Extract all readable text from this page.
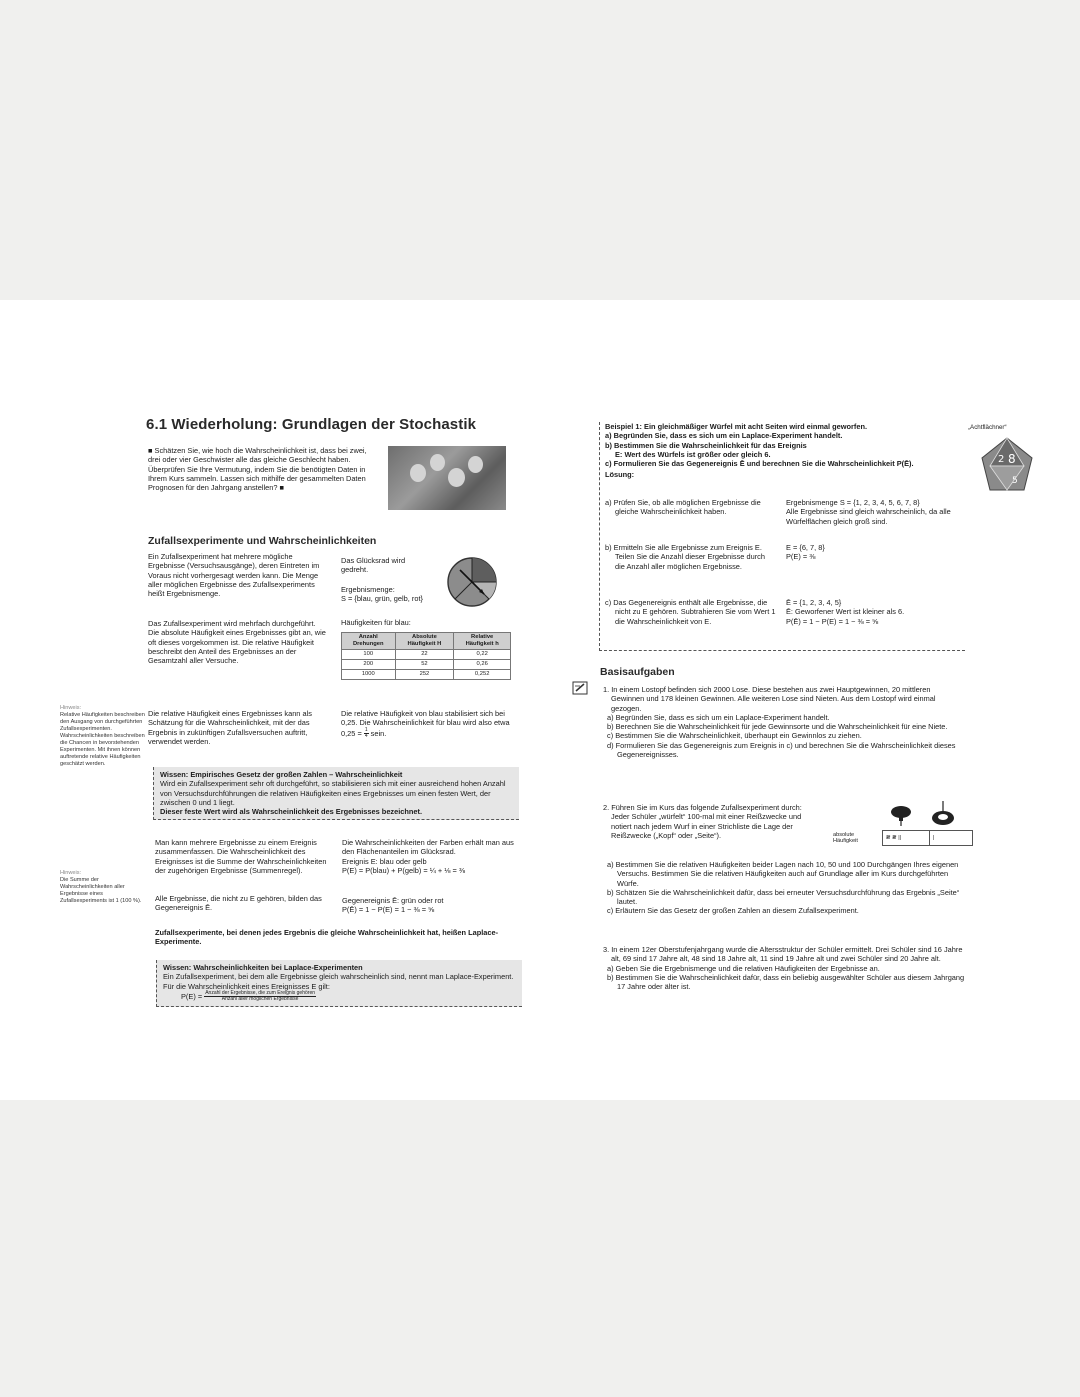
6.1 Wiederholung: Grundlagen der Stochastik
■ Schätzen Sie, wie hoch die Wahrscheinlichkeit ist, dass bei zwei, drei oder vier Geschwister alle das gleiche Geschlecht haben. Überprüfen Sie Ihre Vermutung, indem Sie die benötigten Daten in Ihrem Kurs sammeln. Lassen sich mithilfe der gesammelten Daten Prognosen für den Jahrgang anstellen? ■
Zufallsexperimente und Wahrscheinlichkeiten
Ein Zufallsexperiment hat mehrere mögliche Ergebnisse (Versuchsausgänge), deren Eintreten im Voraus nicht vorhergesagt werden kann. Die Menge aller möglichen Ergebnisse des Zufallsexperiments heißt Ergebnismenge.
Das Glücksrad wird gedreht.
Ergebnismenge:
S = {blau, grün, gelb, rot}
Das Zufallsexperiment wird mehrfach durchgeführt. Die absolute Häufigkeit eines Ergebnisses gibt an, wie oft dieses vorgekommen ist. Die relative Häufigkeit beschreibt den Anteil des Ergebnisses an der Gesamtzahl aller Versuche.
Häufigkeiten für blau:
Anzahl Drehungen	Absolute Häufigkeit H	Relative Häufigkeit h
100	22	0,22
200	52	0,26
1000	252	0,252
Hinweis:
Relative Häufigkeiten beschreiben den Ausgang von durchgeführten Zufallsexperimenten. Wahrscheinlichkeiten beschreiben die Chancen in bevorstehenden Experimenten. Mit ihnen können auftretende relative Häufigkeiten geschätzt werden.
Die relative Häufigkeit eines Ergebnisses kann als Schätzung für die Wahrscheinlichkeit, mit der das Ergebnis in zukünftigen Zufallsversuchen auftritt, verwendet werden.
Die relative Häufigkeit von blau stabilisiert sich bei 0,25. Die Wahrscheinlichkeit für blau wird also etwa $0,25 = \frac{1}{4}$ sein.
Wissen: Empirisches Gesetz der großen Zahlen – Wahrscheinlichkeit
Wird ein Zufallsexperiment sehr oft durchgeführt, so stabilisieren sich mit einer ausreichend hohen Anzahl von Versuchsdurchführungen die relativen Häufigkeiten eines Ergebnisses um einen festen Wert, der zwischen 0 und 1 liegt.
Dieser feste Wert wird als Wahrscheinlichkeit des Ergebnisses bezeichnet.
Man kann mehrere Ergebnisse zu einem Ereignis zusammenfassen. Die Wahrscheinlichkeit des Ereignisses ist die Summe der Wahrscheinlichkeiten der zugehörigen Ergebnisse (Summenregel).
Alle Ergebnisse, die nicht zu E gehören, bilden das Gegenereignis Ē.
Die Wahrscheinlichkeiten der Farben erhält man aus den Flächenanteilen im Glücksrad.
Ereignis E: blau oder gelb
P(E) = P(blau) + P(gelb) = ¼ + ⅛ = ⅜
Gegenereignis Ē: grün oder rot
P(Ē) = 1 − P(E) = 1 − ⅜ = ⅝
Hinweis:
Die Summe der Wahrscheinlichkeiten aller Ergebnisse eines Zufallsexperiments ist 1 (100 %).
Zufallsexperimente, bei denen jedes Ergebnis die gleiche Wahrscheinlichkeit hat, heißen Laplace-Experimente.
Wissen: Wahrscheinlichkeiten bei Laplace-Experimenten
Ein Zufallsexperiment, bei dem alle Ergebnisse gleich wahrscheinlich sind, nennt man Laplace-Experiment. Für die Wahrscheinlichkeit eines Ereignisses E gilt:
$P(E) = \frac{\text{Anzahl der Ergebnisse, die zum Ereignis gehören}}{\text{Anzahl aller möglichen Ergebnisse}}$
„Achtflächner“
2 8
5
Beispiel 1: Ein gleichmäßiger Würfel mit acht Seiten wird einmal geworfen.
a) Begründen Sie, dass es sich um ein Laplace-Experiment handelt.
b) Bestimmen Sie die Wahrscheinlichkeit für das Ereignis
E: Wert des Würfels ist größer oder gleich 6.
c) Formulieren Sie das Gegenereignis Ē und berechnen Sie die Wahrscheinlichkeit P(Ē).
Lösung:
a) Prüfen Sie, ob alle möglichen Ergebnisse die gleiche Wahrscheinlichkeit haben.
Ergebnismenge S = {1, 2, 3, 4, 5, 6, 7, 8}
Alle Ergebnisse sind gleich wahrscheinlich, da alle Würfelflächen gleich groß sind.
b) Ermitteln Sie alle Ergebnisse zum Ereignis E. Teilen Sie die Anzahl dieser Ergebnisse durch die Anzahl aller möglichen Ergebnisse.
E = {6, 7, 8}
P(E) = ⅜
c) Das Gegenereignis enthält alle Ergebnisse, die nicht zu E gehören. Subtrahieren Sie vom Wert 1 die Wahrscheinlichkeit von E.
Ē = {1, 2, 3, 4, 5}
Ē: Geworfener Wert ist kleiner als 6.
P(Ē) = 1 − P(E) = 1 − ⅜ = ⅝
Basisaufgaben
1. In einem Lostopf befinden sich 2000 Lose. Diese bestehen aus zwei Hauptgewinnen, 20 mittleren Gewinnen und 178 kleinen Gewinnen. Alle weiteren Lose sind Nieten. Aus dem Lostopf wird einmal gezogen.
a) Begründen Sie, dass es sich um ein Laplace-Experiment handelt.
b) Berechnen Sie die Wahrscheinlichkeit für jede Gewinnsorte und die Wahrscheinlichkeit für eine Niete.
c) Bestimmen Sie die Wahrscheinlichkeit, überhaupt ein Gewinnlos zu ziehen.
d) Formulieren Sie das Gegenereignis zum Ereignis in c) und berechnen Sie die Wahrscheinlichkeit dieses Gegenereignisses.
2. Führen Sie im Kurs das folgende Zufallsexperiment durch: Jeder Schüler „würfelt“ 100-mal mit einer Reißzwecke und notiert nach jedem Wurf in einer Strichliste die Lage der Reißzwecke („Kopf“ oder „Seite“).	absolute Häufigkeit	𝍸 𝍸 ||	|
a) Bestimmen Sie die relativen Häufigkeiten beider Lagen nach 10, 50 und 100 Durchgängen Ihres eigenen Versuchs. Bestimmen Sie die relativen Häufigkeiten auch auf Grundlage aller im Kurs durchgeführten Würfe.
b) Schätzen Sie die Wahrscheinlichkeit dafür, dass bei erneuter Versuchsdurchführung das Ergebnis „Seite“ lautet.
c) Erläutern Sie das Gesetz der großen Zahlen an diesem Zufallsexperiment.
3. In einem 12er Oberstufenjahrgang wurde die Altersstruktur der Schüler ermittelt. Drei Schüler sind 16 Jahre alt, 69 sind 17 Jahre alt, 48 sind 18 Jahre alt, 11 sind 19 Jahre alt und zwei Schüler sind 20 Jahre alt.
a) Geben Sie die Ergebnismenge und die relativen Häufigkeiten der Ergebnisse an.
b) Bestimmen Sie die Wahrscheinlichkeit dafür, dass ein beliebig ausgewählter Schüler aus diesem Jahrgang 17 Jahre oder älter ist.
